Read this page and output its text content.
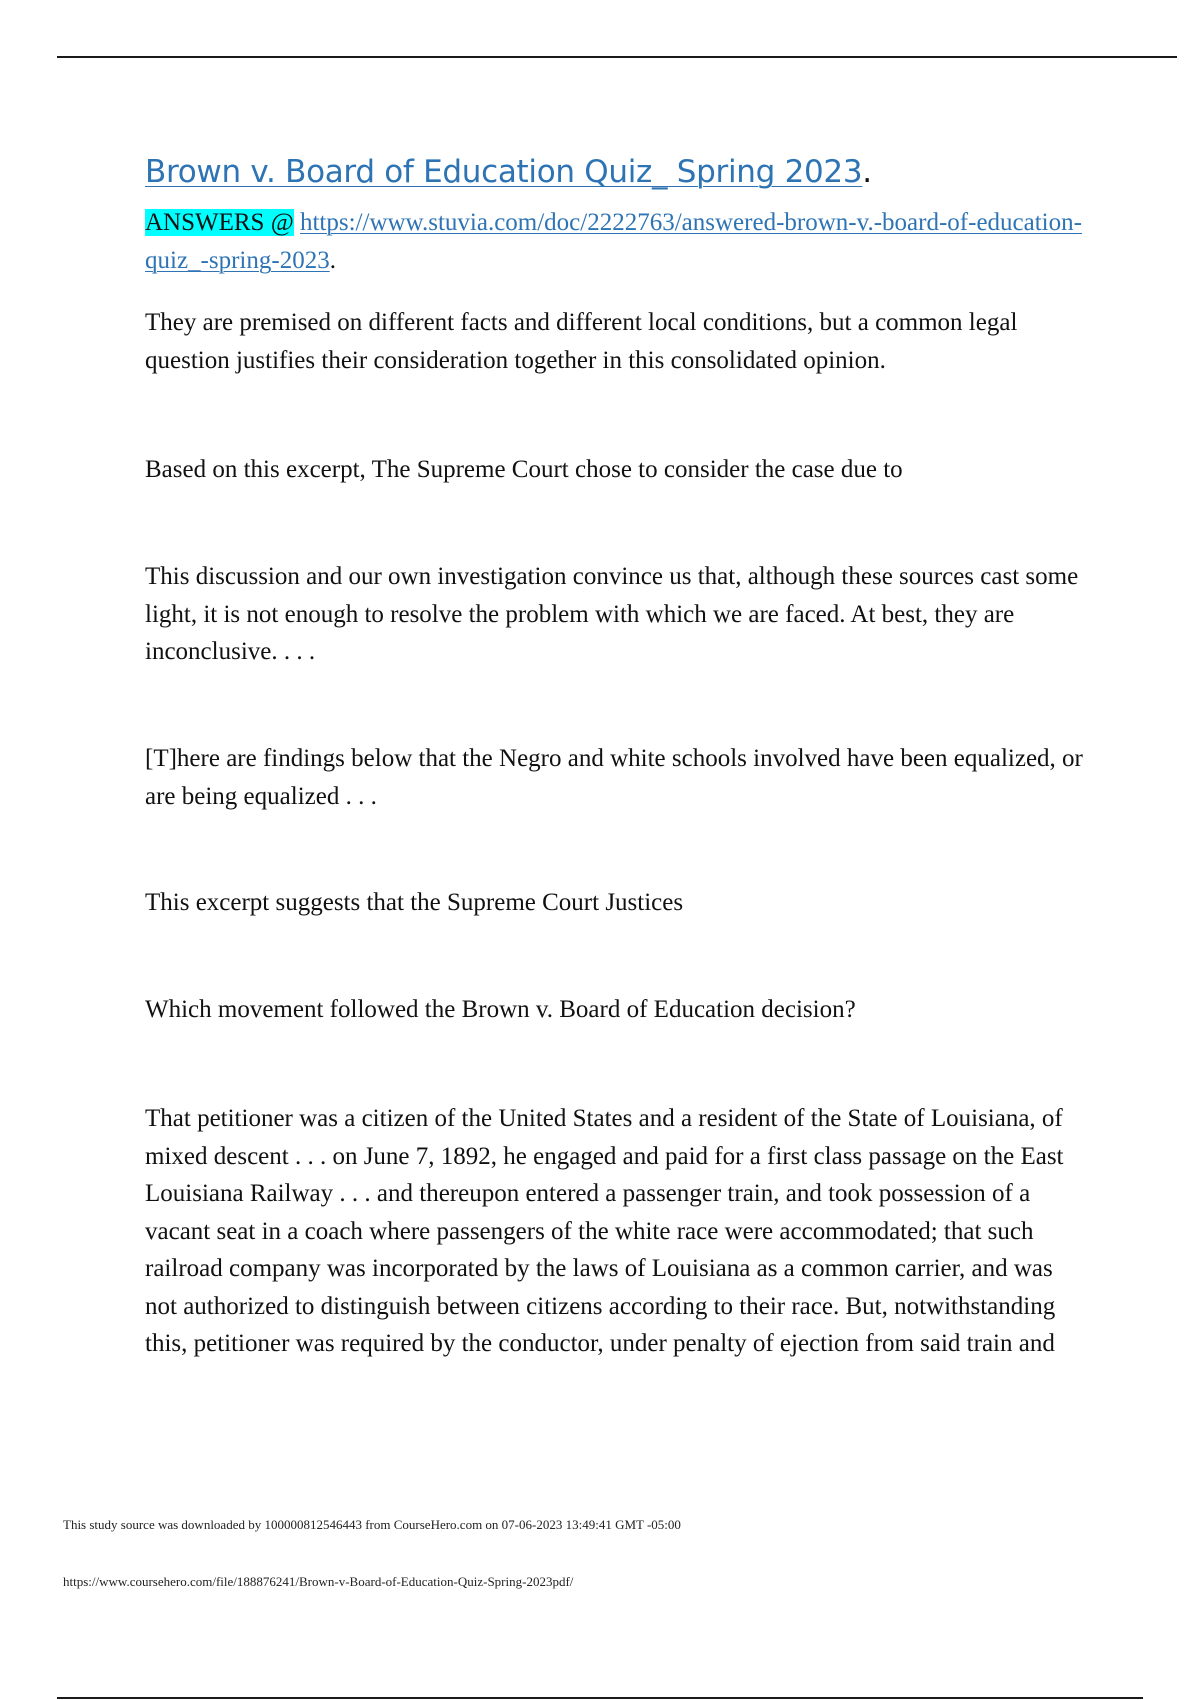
Brown v. Board of Education Quiz_ Spring 2023.
ANSWERS @ https://www.stuvia.com/doc/2222763/answered-brown-v.-board-of-education-quiz_-spring-2023.

They are premised on different facts and different local conditions, but a common legal question justifies their consideration together in this consolidated opinion.

Based on this excerpt, The Supreme Court chose to consider the case due to

This discussion and our own investigation convince us that, although these sources cast some light, it is not enough to resolve the problem with which we are faced. At best, they are inconclusive. . . .

[T]here are findings below that the Negro and white schools involved have been equalized, or are being equalized . . .

This excerpt suggests that the Supreme Court Justices

Which movement followed the Brown v. Board of Education decision?

That petitioner was a citizen of the United States and a resident of the State of Louisiana, of mixed descent . . . on June 7, 1892, he engaged and paid for a first class passage on the East Louisiana Railway . . . and thereupon entered a passenger train, and took possession of a vacant seat in a coach where passengers of the white race were accommodated; that such railroad company was incorporated by the laws of Louisiana as a common carrier, and was not authorized to distinguish between citizens according to their race. But, notwithstanding this, petitioner was required by the conductor, under penalty of ejection from said train and

This study source was downloaded by 100000812546443 from CourseHero.com on 07-06-2023 13:49:41 GMT -05:00
https://www.coursehero.com/file/188876241/Brown-v-Board-of-Education-Quiz-Spring-2023pdf/
